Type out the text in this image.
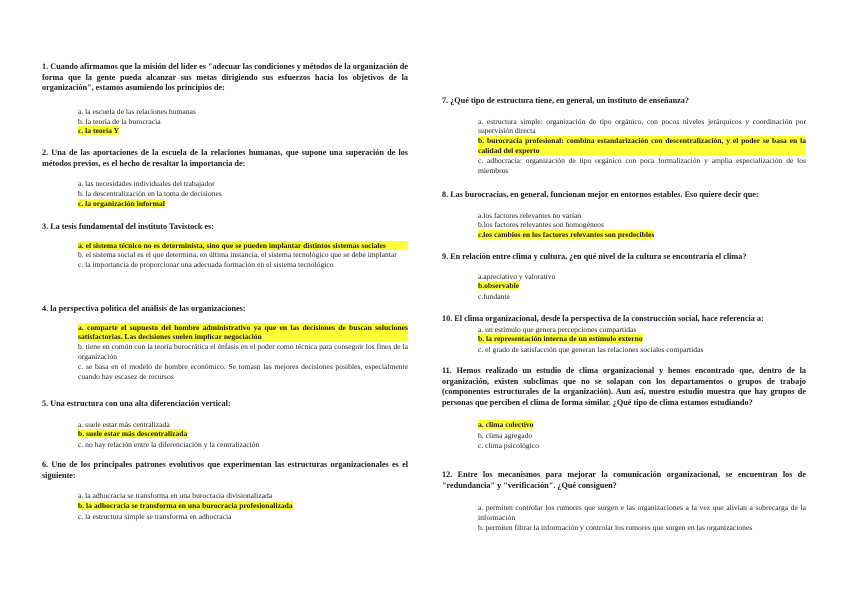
1. Cuando afirmamos que la misión del líder es "adecuar las condiciones y métodos de la organización de forma que la gente pueda alcanzar sus metas dirigiendo sus esfuerzos hacia los objetivos de la organización", estamos asumiendo los principios de:
a. la escuela de las relaciones humanas
b. la teoría de la burocracia
c. la teoría Y
2. Una de las aportaciones de la escuela de la relaciones humanas, que supone una superación de los métodos previos, es el hecho de resaltar la importancia de:
a. las necesidades individuales del trabajador
b. la descentralización en la toma de decisiones
c. la organización informal
3. La tesis fundamental del instituto Tavistock es:
a. el sistema técnico no es determinista, sino que se pueden implantar distintos sistemas sociales
b. el sistema social es el que determina, en última instancia, el sistema tecnológico que se debe implantar
c. la importancia de proporcionar una adecuada formación en el sistema tecnológico
4. la perspectiva política del análisis de las organizaciones:
a. comparte el supuesto del hombre administrativo ya que en las decisiones de buscan soluciones satisfactorias. Las decisiones suelen implicar negociación
b. tiene en común con la teoría burocrática el énfasis en el poder como técnica para conseguir los fines de la organización
c. se basa en el modelo de hombre económico. Se tomasn las mejores decisiones posibles, especialmente cuando hay escasez de recursos
5. Una estructura con una alta diferenciación vertical:
a. suele estar más centralizada
b. suele estar más descentralizada
c. no hay relación entre la diferenciación y la centralización
6. Uno de los principales patrones evolutivos que experimentan las estructuras organizacionales es el siguiente:
a. la adhocracia se transforma en una burocracia divisionalizada
b. la adhocracia se transforma en una burocracia profesionalizada
c. la estructura simple se transforma en adhocracia
7. ¿Qué tipo de estructura tiene, en general, un instituto de enseñanza?
a. estructura simple: organización de tipo orgánico, con pocos niveles jerárquicos y coordinación por supervisión directa
b. burocracia profesional: combina estandarización con descentralización, y el poder se basa en la calidad del experto
c. adhocracia: organización de tipo orgánico con poca formalización y amplia especialización de los miembros
8. Las burocracias, en general, funcionan mejor en entornos estables. Eso quiere decir que:
a.los factores relevantes no varían
b.los factores relevantes son homogéneos
c.los cambios en los factores relevantes son predecibles
9. En relación entre clima y cultura, ¿en qué nivel de la cultura se encontraría el clima?
a.apreciativo y valorativo
b.observable
c.fundante
10. El clima organizacional, desde la perspectiva de la construcción social, hace referencia a:
a. un estímulo que genera percepciones compartidas
b. la representación interna de un estímulo externo
c. el grado de satisfacción que generan las relaciones sociales compartidas
11. Hemos realizado un estudio de clima organizacional y hemos encontrado que, dentro de la organización, existen subclimas que no se solapan con los departamentos o grupos de trabajo (componentes estructurales de la organización). Aun así, nuestro estudio muestra que hay grupos de personas que perciben el clima de forma similar. ¿Qué tipo de clima estamos estudiando?
a. clima colectivo
b. clima agregado
c. clima psicológico
12. Entre los mecanismos para mejorar la comunicación organizacional, se encuentran los de "redundancia" y "verificación". ¿Qué consiguen?
a. permiten controlar los rumores que surgen e las organizaciones a la vez que alivian a sobrecarga de la información
b. permiten filtrar la información y controlar los rumores que surgen en las organizaciones
